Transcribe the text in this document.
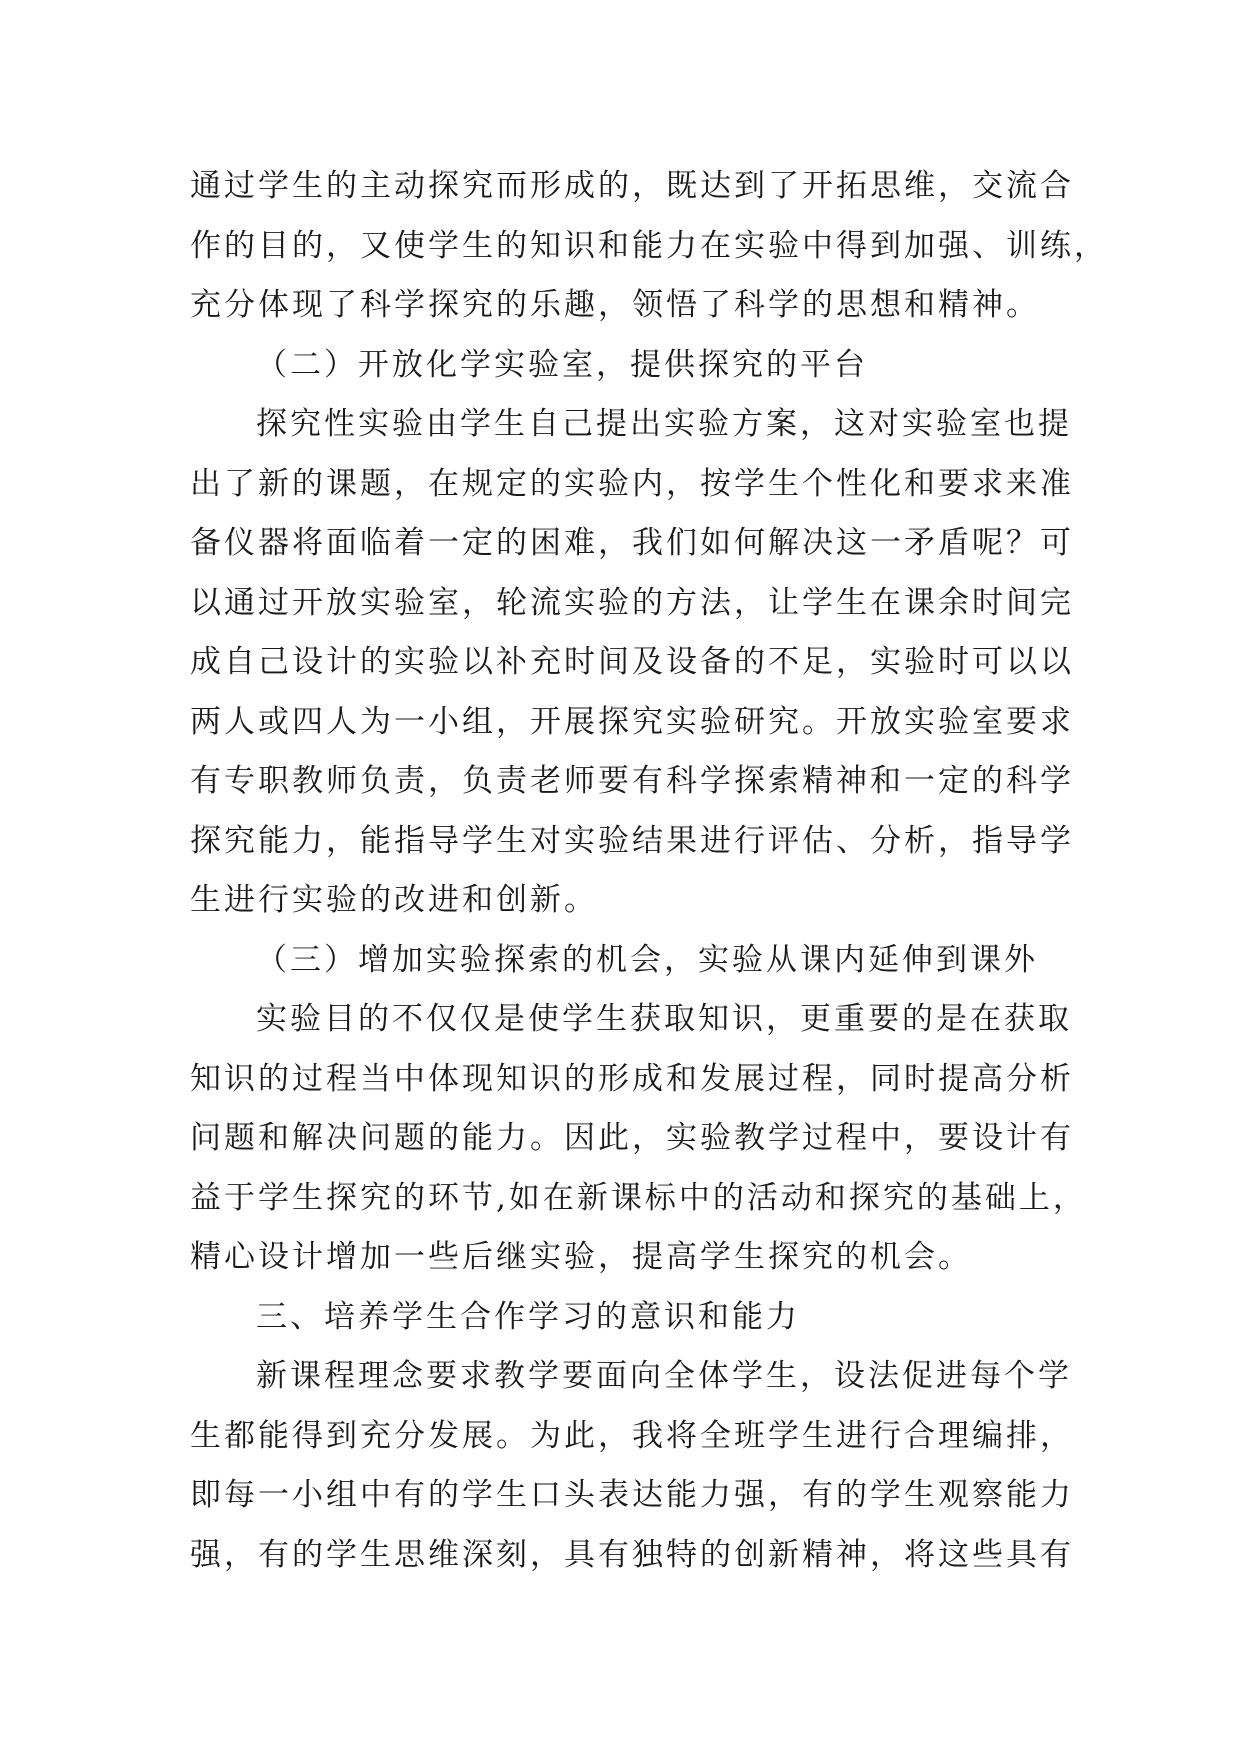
通过学生的主动探究而形成的，既达到了开拓思维，交流合
作的目的，又使学生的知识和能力在实验中得到加强、训练，
充分体现了科学探究的乐趣，领悟了科学的思想和精神。
（二）开放化学实验室，提供探究的平台
探究性实验由学生自己提出实验方案，这对实验室也提
出了新的课题，在规定的实验内，按学生个性化和要求来准
备仪器将面临着一定的困难，我们如何解决这一矛盾呢？可
以通过开放实验室，轮流实验的方法，让学生在课余时间完
成自己设计的实验以补充时间及设备的不足，实验时可以以
两人或四人为一小组，开展探究实验研究。开放实验室要求
有专职教师负责，负责老师要有科学探索精神和一定的科学
探究能力，能指导学生对实验结果进行评估、分析，指导学
生进行实验的改进和创新。
（三）增加实验探索的机会，实验从课内延伸到课外
实验目的不仅仅是使学生获取知识，更重要的是在获取
知识的过程当中体现知识的形成和发展过程，同时提高分析
问题和解决问题的能力。因此，实验教学过程中，要设计有
益于学生探究的环节,如在新课标中的活动和探究的基础上，
精心设计增加一些后继实验，提高学生探究的机会。
三、培养学生合作学习的意识和能力
新课程理念要求教学要面向全体学生，设法促进每个学
生都能得到充分发展。为此，我将全班学生进行合理编排，
即每一小组中有的学生口头表达能力强，有的学生观察能力
强，有的学生思维深刻，具有独特的创新精神，将这些具有
